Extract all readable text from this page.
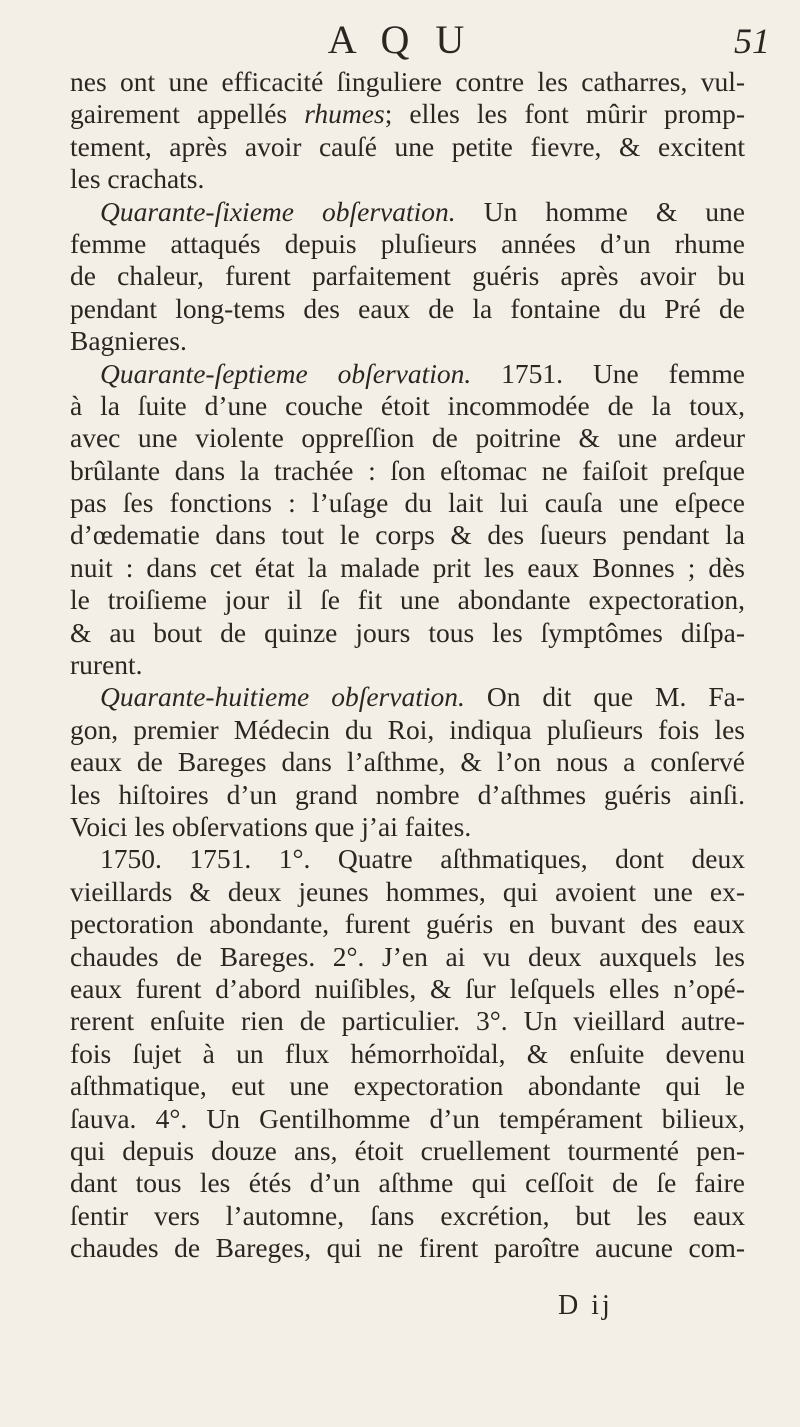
A Q U	51
nes ont une efficacité ſinguliere contre les catharres, vul-
gairement appellés rhumes; elles les font mûrir promp-
tement, après avoir cauſé une petite fievre, & excitent
les crachats.
Quarante-ſixieme obſervation. Un homme & une
femme attaqués depuis pluſieurs années d’un rhume
de chaleur, furent parfaitement guéris après avoir bu
pendant long-tems des eaux de la fontaine du Pré de
Bagnieres.
Quarante-ſeptieme obſervation. 1751. Une femme
à la ſuite d’une couche étoit incommodée de la toux,
avec une violente oppreſſion de poitrine & une ardeur
brûlante dans la trachée : ſon eſtomac ne faiſoit preſque
pas ſes fonctions : l’uſage du lait lui cauſa une eſpece
d’œdematie dans tout le corps & des ſueurs pendant la
nuit : dans cet état la malade prit les eaux Bonnes ; dès
le troiſieme jour il ſe fit une abondante expectoration,
& au bout de quinze jours tous les ſymptômes diſpa-
rurent.
Quarante-huitieme obſervation. On dit que M. Fa-
gon, premier Médecin du Roi, indiqua pluſieurs fois les
eaux de Bareges dans l’aſthme, & l’on nous a conſervé
les hiſtoires d’un grand nombre d’aſthmes guéris ainſi.
Voici les obſervations que j’ai faites.
1750. 1751. 1°. Quatre aſthmatiques, dont deux
vieillards & deux jeunes hommes, qui avoient une ex-
pectoration abondante, furent guéris en buvant des eaux
chaudes de Bareges. 2°. J’en ai vu deux auxquels les
eaux furent d’abord nuiſibles, & ſur leſquels elles n’opé-
rerent enſuite rien de particulier. 3°. Un vieillard autre-
fois ſujet à un flux hémorrhoïdal, & enſuite devenu
aſthmatique, eut une expectoration abondante qui le
ſauva. 4°. Un Gentilhomme d’un tempérament bilieux,
qui depuis douze ans, étoit cruellement tourmenté pen-
dant tous les étés d’un aſthme qui ceſſoit de ſe faire
ſentir vers l’automne, ſans excrétion, but les eaux
chaudes de Bareges, qui ne firent paroître aucune com-
D ij
